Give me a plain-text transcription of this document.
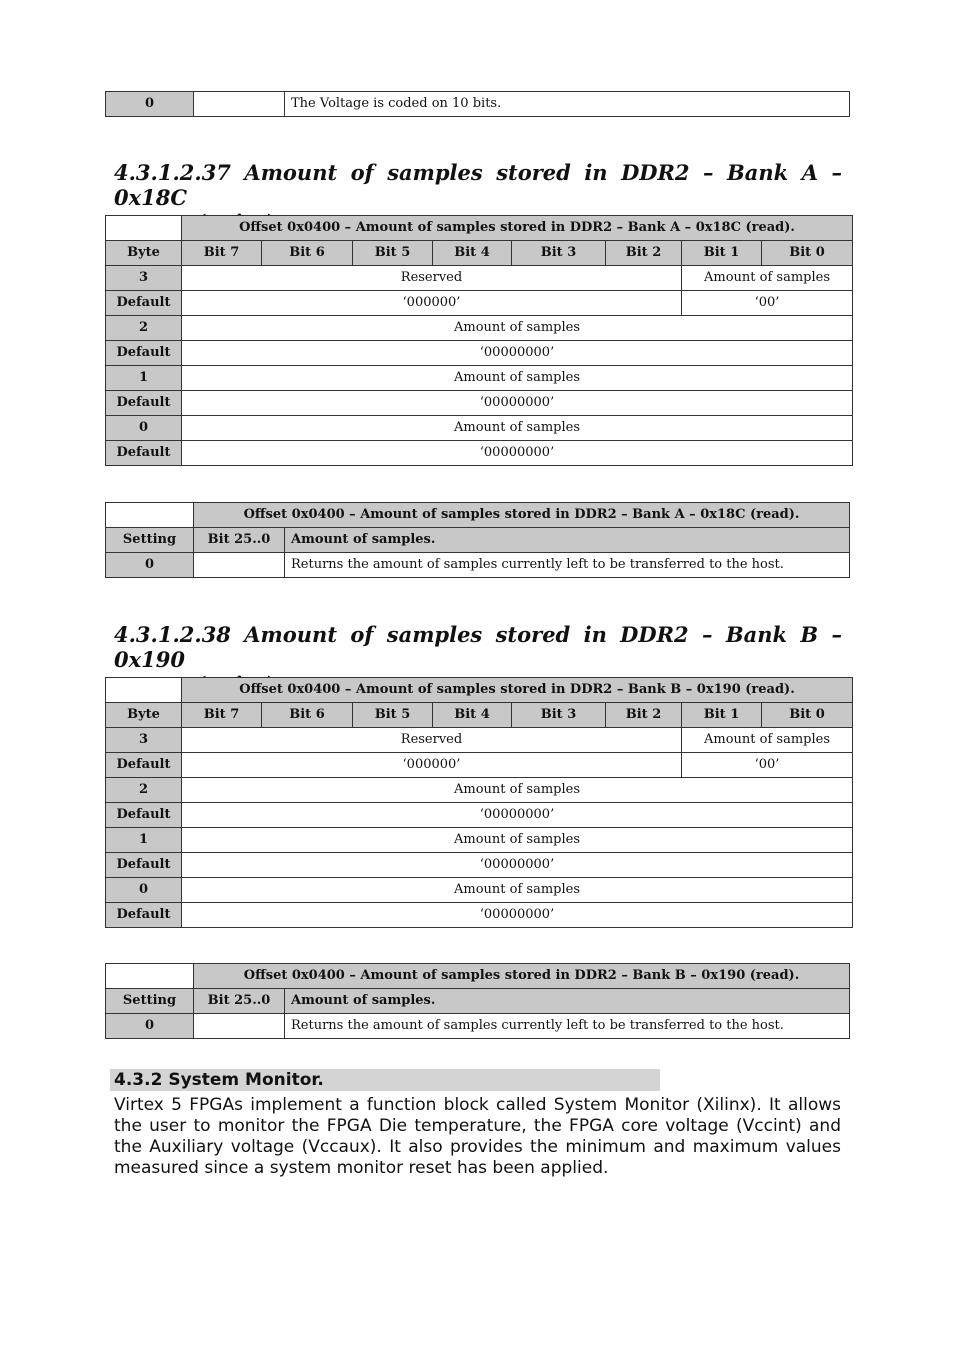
0		The Voltage is coded on 10 bits.
4.3.1.2.37 Amount of samples stored in DDR2 – Bank A – 0x18C
	Offset 0x0400 – Amount of samples stored in DDR2 – Bank A – 0x18C (read).							
Byte	Bit 7	Bit 6	Bit 5	Bit 4	Bit 3	Bit 2	Bit 1	Bit 0
3	Reserved						Amount of samples	
Default	‘000000’						‘00’	
2	Amount of samples							
Default	‘00000000’							
1	Amount of samples							
Default	‘00000000’							
0	Amount of samples							
Default	‘00000000’							
	Offset 0x0400 – Amount of samples stored in DDR2 – Bank A – 0x18C (read).	
Setting	Bit 25..0	Amount of samples.
0		Returns the amount of samples currently left to be transferred to the host.
4.3.1.2.38 Amount of samples stored in DDR2 – Bank B – 0x190
	Offset 0x0400 – Amount of samples stored in DDR2 – Bank B – 0x190 (read).							
Byte	Bit 7	Bit 6	Bit 5	Bit 4	Bit 3	Bit 2	Bit 1	Bit 0
3	Reserved						Amount of samples	
Default	‘000000’						‘00’	
2	Amount of samples							
Default	‘00000000’							
1	Amount of samples							
Default	‘00000000’							
0	Amount of samples							
Default	‘00000000’							
	Offset 0x0400 – Amount of samples stored in DDR2 – Bank B – 0x190 (read).	
Setting	Bit 25..0	Amount of samples.
0		Returns the amount of samples currently left to be transferred to the host.
4.3.2 System Monitor.
Virtex 5 FPGAs implement a function block called System Monitor (Xilinx). It allows the user to monitor the FPGA Die temperature, the FPGA core voltage (Vccint) and the Auxiliary voltage (Vccaux). It also provides the minimum and maximum values measured since a system monitor reset has been applied.
